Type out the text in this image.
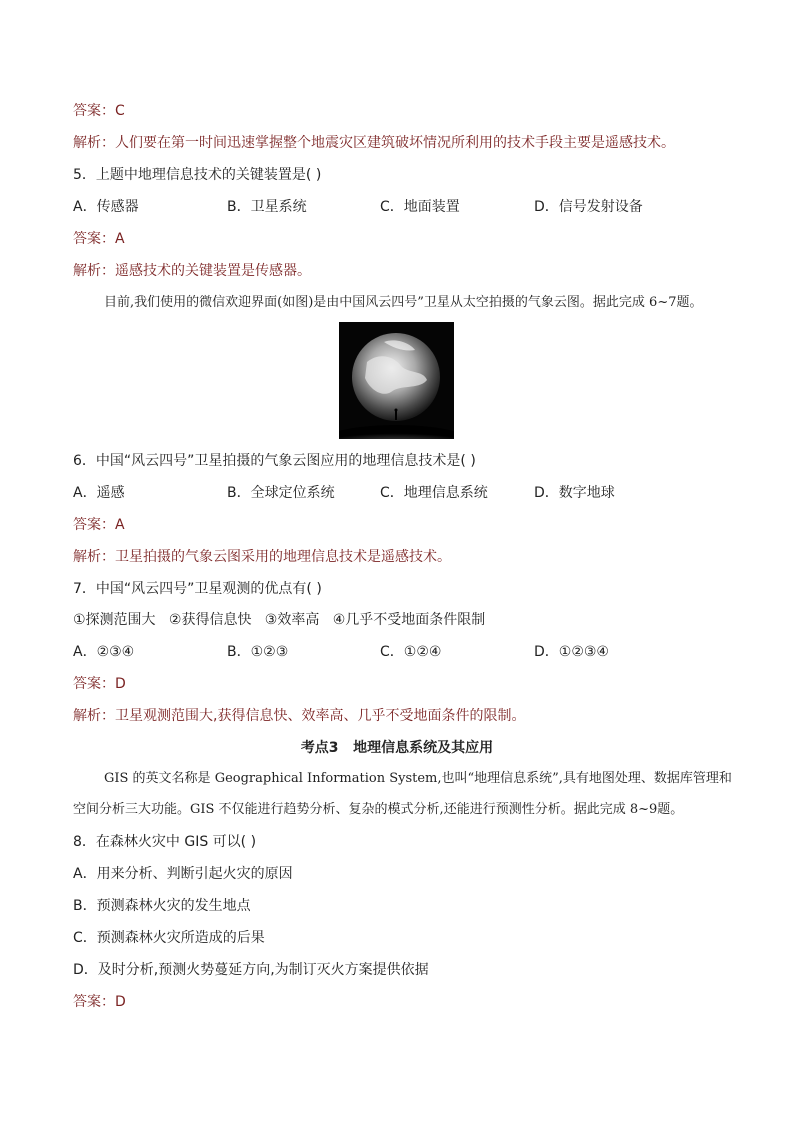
答案：C
解析：人们要在第一时间迅速掌握整个地震灾区建筑破坏情况所利用的技术手段主要是遥感技术。
5．上题中地理信息技术的关键装置是( )
A．传感器	B．卫星系统	C．地面装置	D．信号发射设备
答案：A
解析：遥感技术的关键装置是传感器。
目前,我们使用的微信欢迎界面(如图)是由中国风云四号”卫星从太空拍摄的气象云图。据此完成 6~7题。
6．中国“风云四号”卫星拍摄的气象云图应用的地理信息技术是( )
A．遥感	B．全球定位系统	C．地理信息系统	D．数字地球
答案：A
解析：卫星拍摄的气象云图采用的地理信息技术是遥感技术。
7．中国“风云四号”卫星观测的优点有( )
①探测范围大   ②获得信息快   ③效率高   ④几乎不受地面条件限制
A．②③④	B．①②③	C．①②④	D．①②③④
答案：D
解析：卫星观测范围大,获得信息快、效率高、几乎不受地面条件的限制。
考点3   地理信息系统及其应用
GIS 的英文名称是 Geographical Information System,也叫“地理信息系统”,具有地图处理、数据库管理和
空间分析三大功能。GIS 不仅能进行趋势分析、复杂的模式分析,还能进行预测性分析。据此完成 8~9题。
8．在森林火灾中 GIS 可以( )
A．用来分析、判断引起火灾的原因
B．预测森林火灾的发生地点
C．预测森林火灾所造成的后果
D．及时分析,预测火势蔓延方向,为制订灭火方案提供依据
答案：D
